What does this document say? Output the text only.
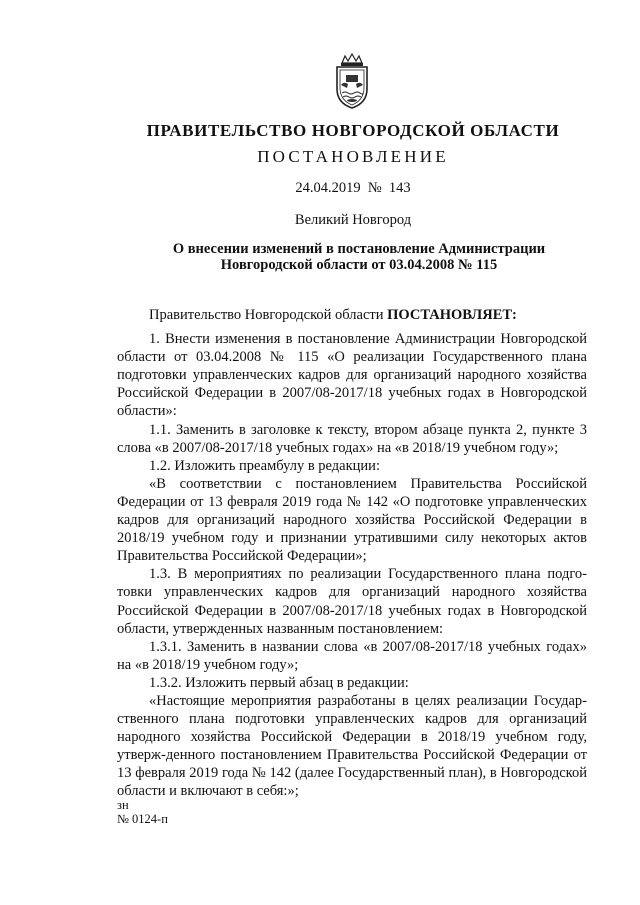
ПРАВИТЕЛЬСТВО НОВГОРОДСКОЙ ОБЛАСТИ
ПОСТАНОВЛЕНИЕ
24.04.2019 № 143
Великий Новгород
О внесении изменений в постановление Администрации
Новгородской области от 03.04.2008 № 115

Правительство Новгородской области ПОСТАНОВЛЯЕТ:

1. Внести изменения в постановление Администрации Новгородской области от 03.04.2008 № 115 «О реализации Государственного плана подготовки управленческих кадров для организаций народного хозяйства Российской Федерации в 2007/08-2017/18 учебных годах в Новгородской области»:

1.1. Заменить в заголовке к тексту, втором абзаце пункта 2, пункте 3 слова «в 2007/08-2017/18 учебных годах» на «в 2018/19 учебном году»;

1.2. Изложить преамбулу в редакции:

«В соответствии с постановлением Правительства Российской Федерации от 13 февраля 2019 года № 142 «О подготовке управленческих кадров для организаций народного хозяйства Российской Федерации в 2018/19 учебном году и признании утратившими силу некоторых актов Правительства Российской Федерации»;

1.3. В мероприятиях по реализации Государственного плана подго-товки управленческих кадров для организаций народного хозяйства Российской Федерации в 2007/08-2017/18 учебных годах в Новгородской области, утвержденных названным постановлением:

1.3.1. Заменить в названии слова «в 2007/08-2017/18 учебных годах» на «в 2018/19 учебном году»;

1.3.2. Изложить первый абзац в редакции:

«Настоящие мероприятия разработаны в целях реализации Государ-ственного плана подготовки управленческих кадров для организаций народного хозяйства Российской Федерации в 2018/19 учебном году, утверж-денного постановлением Правительства Российской Федерации от 13 февраля 2019 года № 142 (далее Государственный план), в Новгородской области и включают в себя:»;

зн
№ 0124-п
